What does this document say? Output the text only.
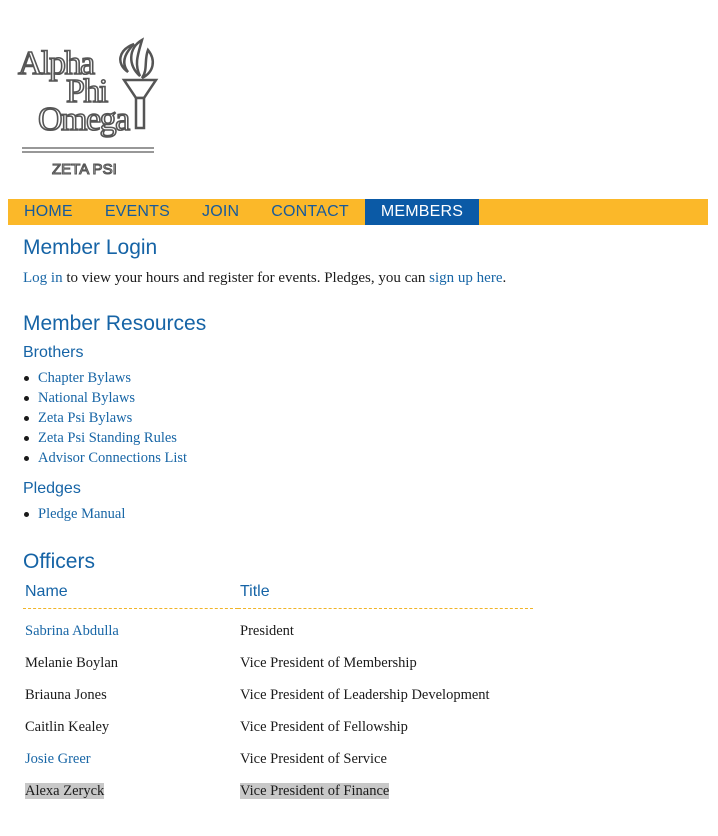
Alpha
Phi
Omega
ZETA PSI
HOME	EVENTS	JOIN	CONTACT	MEMBERS
Member Login

Log in to view your hours and register for events. Pledges, you can sign up here.

Member Resources
Brothers
Chapter Bylaws
National Bylaws
Zeta Psi Bylaws
Zeta Psi Standing Rules
Advisor Connections List
Pledges
Pledge Manual
Officers
Name	Title

Sabrina Abdulla	President
Melanie Boylan	Vice President of Membership
Briauna Jones	Vice President of Leadership Development
Caitlin Kealey	Vice President of Fellowship
Josie Greer	Vice President of Service
Alexa Zeryck	Vice President of Finance
